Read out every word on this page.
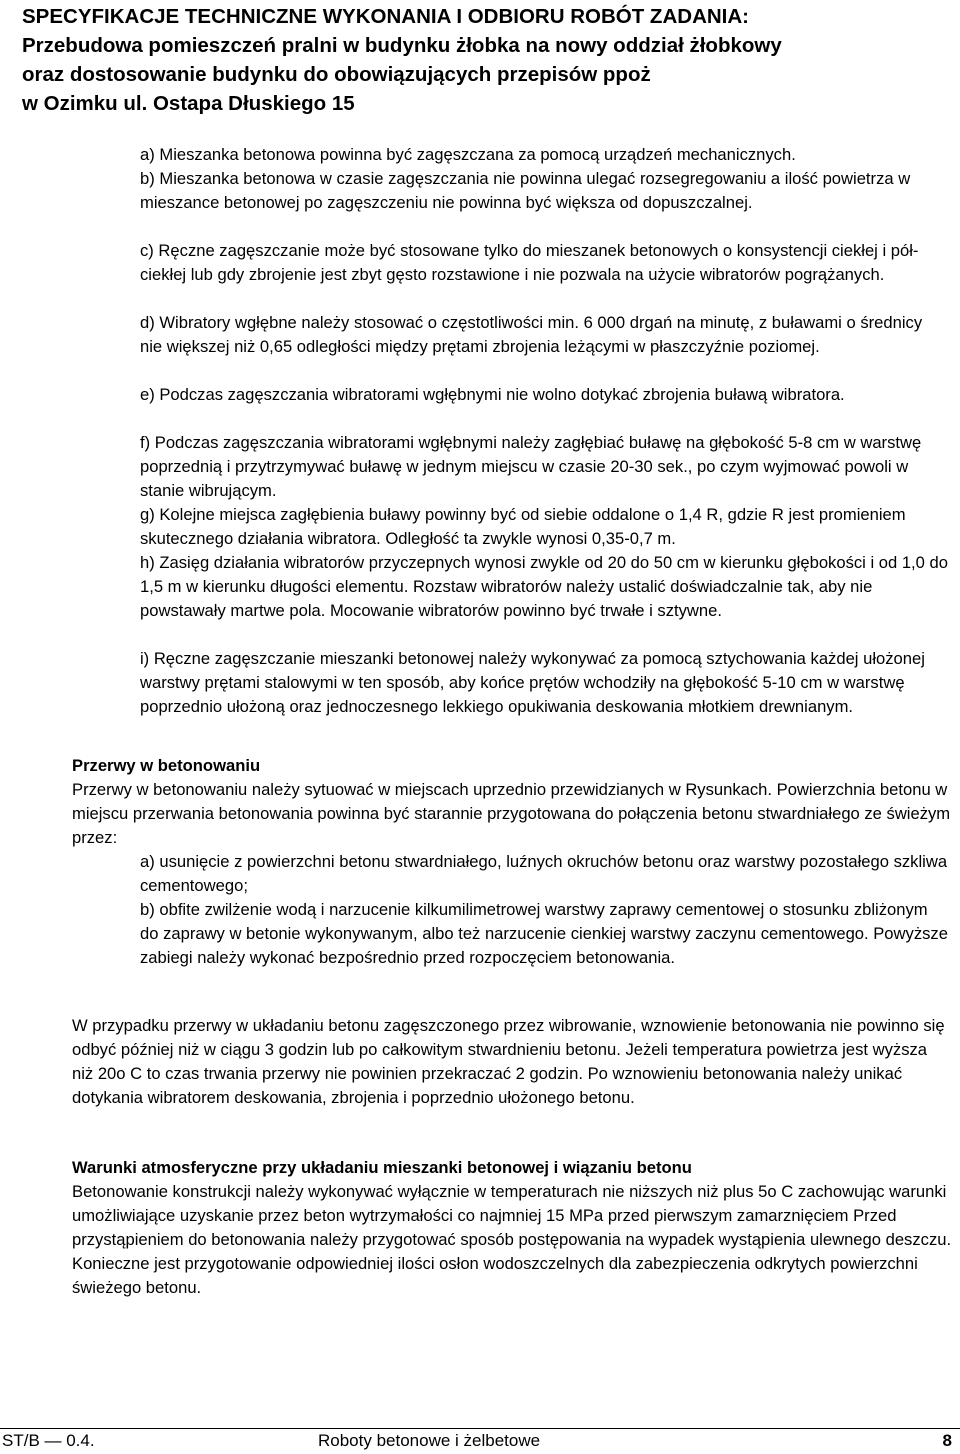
SPECYFIKACJE TECHNICZNE WYKONANIA I ODBIORU ROBÓT ZADANIA:
Przebudowa pomieszczeń pralni w budynku żłobka na nowy oddział żłobkowy
oraz dostosowanie budynku do obowiązujących przepisów ppoż
w Ozimku ul. Ostapa Dłuskiego 15
a) Mieszanka betonowa powinna być zagęszczana za pomocą urządzeń mechanicznych.
b) Mieszanka betonowa w czasie zagęszczania nie powinna ulegać rozsegregowaniu a ilość powietrza w mieszance betonowej po zagęszczeniu nie powinna być większa od dopuszczalnej.
c) Ręczne zagęszczanie może być stosowane tylko do mieszanek betonowych o konsystencji ciekłej i pół-ciekłej lub gdy zbrojenie jest zbyt gęsto rozstawione i nie pozwala na użycie wibratorów pogrążanych.
d) Wibratory wgłębne należy stosować o częstotliwości min. 6 000 drgań na minutę, z buławami o średnicy nie większej niż 0,65 odległości między prętami zbrojenia leżącymi w płaszczyźnie poziomej.
e) Podczas zagęszczania wibratorami wgłębnymi nie wolno dotykać zbrojenia buławą wibratora.
f) Podczas zagęszczania wibratorami wgłębnymi należy zagłębiać buławę na głębokość 5-8 cm w warstwę poprzednią i przytrzymywać buławę w jednym miejscu w czasie 20-30 sek., po czym wyjmować powoli w stanie wibrującym.
g) Kolejne miejsca zagłębienia buławy powinny być od siebie oddalone o 1,4 R, gdzie R jest promieniem skutecznego działania wibratora. Odległość ta zwykle wynosi 0,35-0,7 m.
h) Zasięg działania wibratorów przyczepnych wynosi zwykle od 20 do 50 cm w kierunku głębokości i od 1,0 do 1,5 m w kierunku długości elementu. Rozstaw wibratorów należy ustalić doświadczalnie tak, aby nie powstawały martwe pola. Mocowanie wibratorów powinno być trwałe i sztywne.
i) Ręczne zagęszczanie mieszanki betonowej należy wykonywać za pomocą sztychowania każdej ułożonej warstwy prętami stalowymi w ten sposób, aby końce prętów wchodziły na głębokość 5-10 cm w warstwę poprzednio ułożoną oraz jednoczesnego lekkiego opukiwania deskowania młotkiem drewnianym.
Przerwy w betonowaniu
Przerwy w betonowaniu należy sytuować w miejscach uprzednio przewidzianych w Rysunkach. Powierzchnia betonu w miejscu przerwania betonowania powinna być starannie przygotowana do połączenia betonu stwardniałego ze świeżym przez:
a) usunięcie z powierzchni betonu stwardniałego, luźnych okruchów betonu oraz warstwy pozostałego szkliwa cementowego;
b) obfite zwilżenie wodą i narzucenie kilkumilimetrowej warstwy zaprawy cementowej o stosunku zbliżonym do zaprawy w betonie wykonywanym, albo też narzucenie cienkiej warstwy zaczynu cementowego. Powyższe zabiegi należy wykonać bezpośrednio przed rozpoczęciem betonowania.
W przypadku przerwy w układaniu betonu zagęszczonego przez wibrowanie, wznowienie betonowania nie powinno się odbyć później niż w ciągu 3 godzin lub po całkowitym stwardnieniu betonu. Jeżeli temperatura powietrza jest wyższa niż 20o C to czas trwania przerwy nie powinien przekraczać 2 godzin. Po wznowieniu betonowania należy unikać dotykania wibratorem deskowania, zbrojenia i poprzednio ułożonego betonu.
Warunki atmosferyczne przy układaniu mieszanki betonowej i wiązaniu betonu
Betonowanie konstrukcji należy wykonywać wyłącznie w temperaturach nie niższych niż plus 5o C zachowując warunki umożliwiające uzyskanie przez beton wytrzymałości co najmniej 15 MPa przed pierwszym zamarznięciem Przed przystąpieniem do betonowania należy przygotować sposób postępowania na wypadek wystąpienia ulewnego deszczu. Konieczne jest przygotowanie odpowiedniej ilości osłon wodoszczelnych dla zabezpieczenia odkrytych powierzchni świeżego betonu.
ST/B — 0.4.	Roboty betonowe i żelbetowe	8
